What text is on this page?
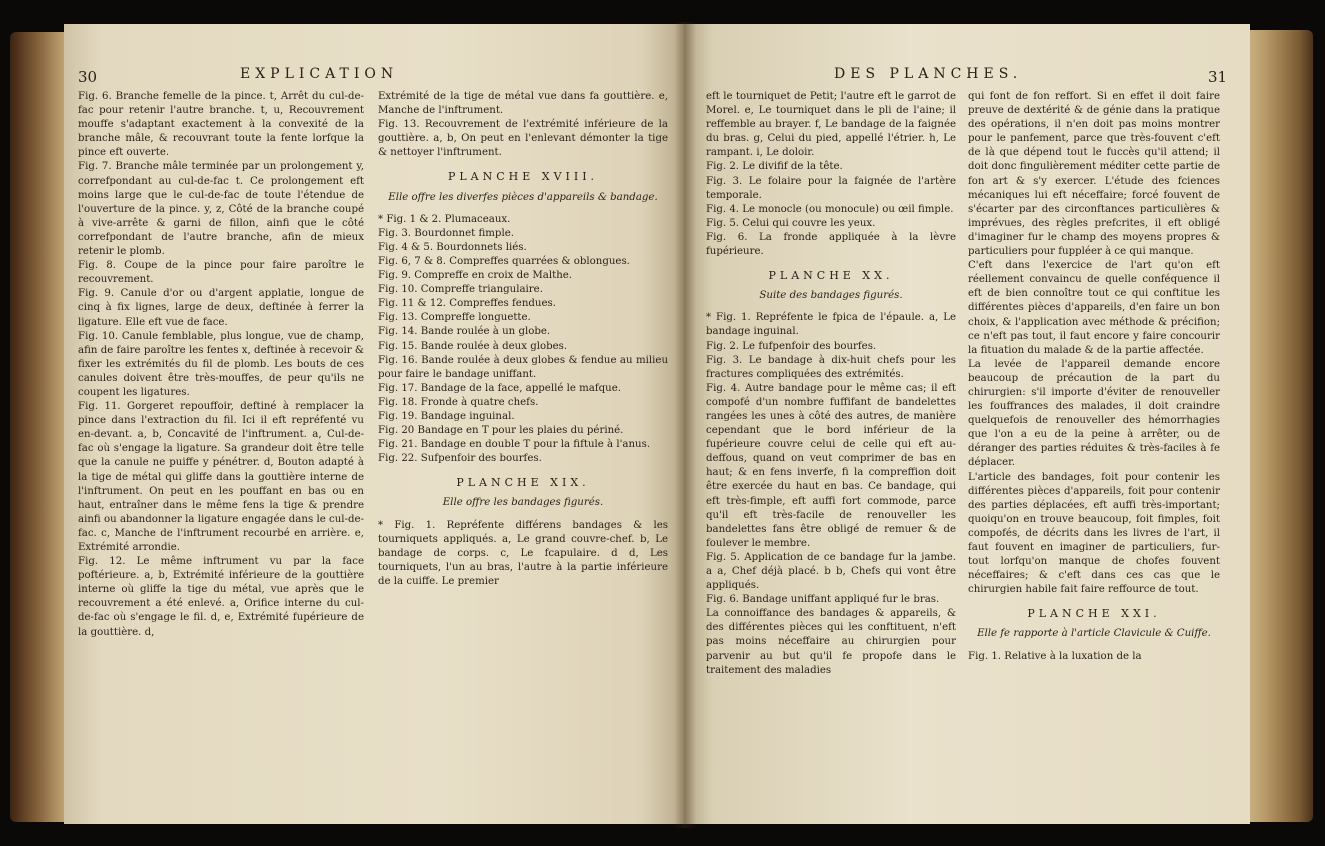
30	EXPLICATION

Fig. 6. Branche femelle de la pince. t, Arrêt du cul-de-fac pour retenir l'autre branche. t, u, Recouvrement mouffe s'adaptant exactement à la convexité de la branche mâle, & recouvrant toute la fente lorfque la pince eft ouverte.

Fig. 7. Branche mâle terminée par un prolongement y, correfpondant au cul-de-fac t. Ce prolongement eft moins large que le cul-de-fac de toute l'étendue de l'ouverture de la pince. y, z, Côté de la branche coupé à vive-arrête & garni de fillon, ainfi que le côté correfpondant de l'autre branche, afin de mieux retenir le plomb.

Fig. 8. Coupe de la pince pour faire paroître le recouvrement.

Fig. 9. Canule d'or ou d'argent applatie, longue de cinq à fix lignes, large de deux, deftinée à ferrer la ligature. Elle eft vue de face.

Fig. 10. Canule femblable, plus longue, vue de champ, afin de faire paroître les fentes x, deftinée à recevoir & fixer les extrémités du fil de plomb. Les bouts de ces canules doivent être très-mouffes, de peur qu'ils ne coupent les ligatures.

Fig. 11. Gorgeret repouffoir, deftiné à remplacer la pince dans l'extraction du fil. Ici il eft repréfenté vu en-devant. a, b, Concavité de l'inftrument. a, Cul-de-fac où s'engage la ligature. Sa grandeur doit être telle que la canule ne puiffe y pénétrer. d, Bouton adapté à la tige de métal qui gliffe dans la gouttière interne de l'inftrument. On peut en les pouffant en bas ou en haut, entraîner dans le même fens la tige & prendre ainfi ou abandonner la ligature engagée dans le cul-de-fac. c, Manche de l'inftrument recourbé en arrière. e, Extrémité arrondie.

Fig. 12. Le même inftrument vu par la face poftérieure. a, b, Extrémité inférieure de la gouttière interne où gliffe la tige du métal, vue après que le recouvrement a été enlevé. a, Orifice interne du cul-de-fac où s'engage le fil. d, e, Extrémité fupérieure de la gouttière. d,

Extrémité de la tige de métal vue dans fa gouttière. e, Manche de l'inftrument.

Fig. 13. Recouvrement de l'extrémité inférieure de la gouttière. a, b, On peut en l'enlevant démonter la tige & nettoyer l'inftrument.

PLANCHE XVIII.
Elle offre les diverfes pièces d'appareils & bandage.

* Fig. 1 & 2. Plumaceaux.

Fig. 3. Bourdonnet fimple.

Fig. 4 & 5. Bourdonnets liés.

Fig. 6, 7 & 8. Compreffes quarrées & oblongues.

Fig. 9. Compreffe en croix de Malthe.

Fig. 10. Compreffe triangulaire.

Fig. 11 & 12. Compreffes fendues.

Fig. 13. Compreffe longuette.

Fig. 14. Bande roulée à un globe.

Fig. 15. Bande roulée à deux globes.

Fig. 16. Bande roulée à deux globes & fendue au milieu pour faire le bandage uniffant.

Fig. 17. Bandage de la face, appellé le mafque.

Fig. 18. Fronde à quatre chefs.

Fig. 19. Bandage inguinal.

Fig. 20 Bandage en T pour les plaies du périné.

Fig. 21. Bandage en double T pour la fiftule à l'anus.

Fig. 22. Sufpenfoir des bourfes.

PLANCHE XIX.
Elle offre les bandages figurés.

* Fig. 1. Repréfente différens bandages & les tourniquets appliqués. a, Le grand couvre-chef. b, Le bandage de corps. c, Le fcapulaire. d d, Les tourniquets, l'un au bras, l'autre à la partie inférieure de la cuiffe. Le premier

DES PLANCHES.	31

eft le tourniquet de Petit; l'autre eft le garrot de Morel. e, Le tourniquet dans le pli de l'aine; il reffemble au brayer. f, Le bandage de la faignée du bras. g, Celui du pied, appellé l'étrier. h, Le rampant. i, Le doloir.

Fig. 2. Le divifif de la tête.

Fig. 3. Le folaire pour la faignée de l'artère temporale.

Fig. 4. Le monocle (ou monocule) ou œil fimple.

Fig. 5. Celui qui couvre les yeux.

Fig. 6. La fronde appliquée à la lèvre fupérieure.

PLANCHE XX.
Suite des bandages figurés.

* Fig. 1. Repréfente le fpica de l'épaule. a, Le bandage inguinal.

Fig. 2. Le fufpenfoir des bourfes.

Fig. 3. Le bandage à dix-huit chefs pour les fractures compliquées des extrémités.

Fig. 4. Autre bandage pour le même cas; il eft compofé d'un nombre fuffifant de bandelettes rangées les unes à côté des autres, de manière cependant que le bord inférieur de la fupérieure couvre celui de celle qui eft au-deffous, quand on veut comprimer de bas en haut; & en fens inverfe, fi la compreffion doit être exercée du haut en bas. Ce bandage, qui eft très-fimple, eft auffi fort commode, parce qu'il eft très-facile de renouveller les bandelettes fans être obligé de remuer & de foulever le membre.

Fig. 5. Application de ce bandage fur la jambe. a a, Chef déjà placé. b b, Chefs qui vont être appliqués.

Fig. 6. Bandage uniffant appliqué fur le bras.

La connoiffance des bandages & appareils, & des différentes pièces qui les conftituent, n'eft pas moins néceffaire au chirurgien pour parvenir au but qu'il fe propofe dans le traitement des maladies

qui font de fon reffort. Si en effet il doit faire preuve de dextérité & de génie dans la pratique des opérations, il n'en doit pas moins montrer pour le panfement, parce que très-fouvent c'eft de là que dépend tout le fuccès qu'il attend; il doit donc fingulièrement méditer cette partie de fon art & s'y exercer. L'étude des fciences mécaniques lui eft néceffaire; forcé fouvent de s'écarter par des circonftances particulières & imprévues, des règles prefcrites, il eft obligé d'imaginer fur le champ des moyens propres & particuliers pour fuppléer à ce qui manque.

C'eft dans l'exercice de l'art qu'on eft réellement convaincu de quelle conféquence il eft de bien connoître tout ce qui conftitue les différentes pièces d'appareils, d'en faire un bon choix, & l'application avec méthode & précifion; ce n'eft pas tout, il faut encore y faire concourir la fituation du malade & de la partie affectée.

La levée de l'appareil demande encore beaucoup de précaution de la part du chirurgien: s'il importe d'éviter de renouveller les fouffrances des malades, il doit craindre quelquefois de renouveller des hémorrhagies que l'on a eu de la peine à arrêter, ou de déranger des parties réduites & très-faciles à fe déplacer.

L'article des bandages, foit pour contenir les différentes pièces d'appareils, foit pour contenir des parties déplacées, eft auffi très-important; quoiqu'on en trouve beaucoup, foit fimples, foit compofés, de décrits dans les livres de l'art, il faut fouvent en imaginer de particuliers, fur-tout lorfqu'on manque de chofes fouvent néceffaires; & c'eft dans ces cas que le chirurgien habile fait faire reffource de tout.

PLANCHE XXI.
Elle fe rapporte à l'article Clavicule & Cuiffe.

Fig. 1. Relative à la luxation de la
